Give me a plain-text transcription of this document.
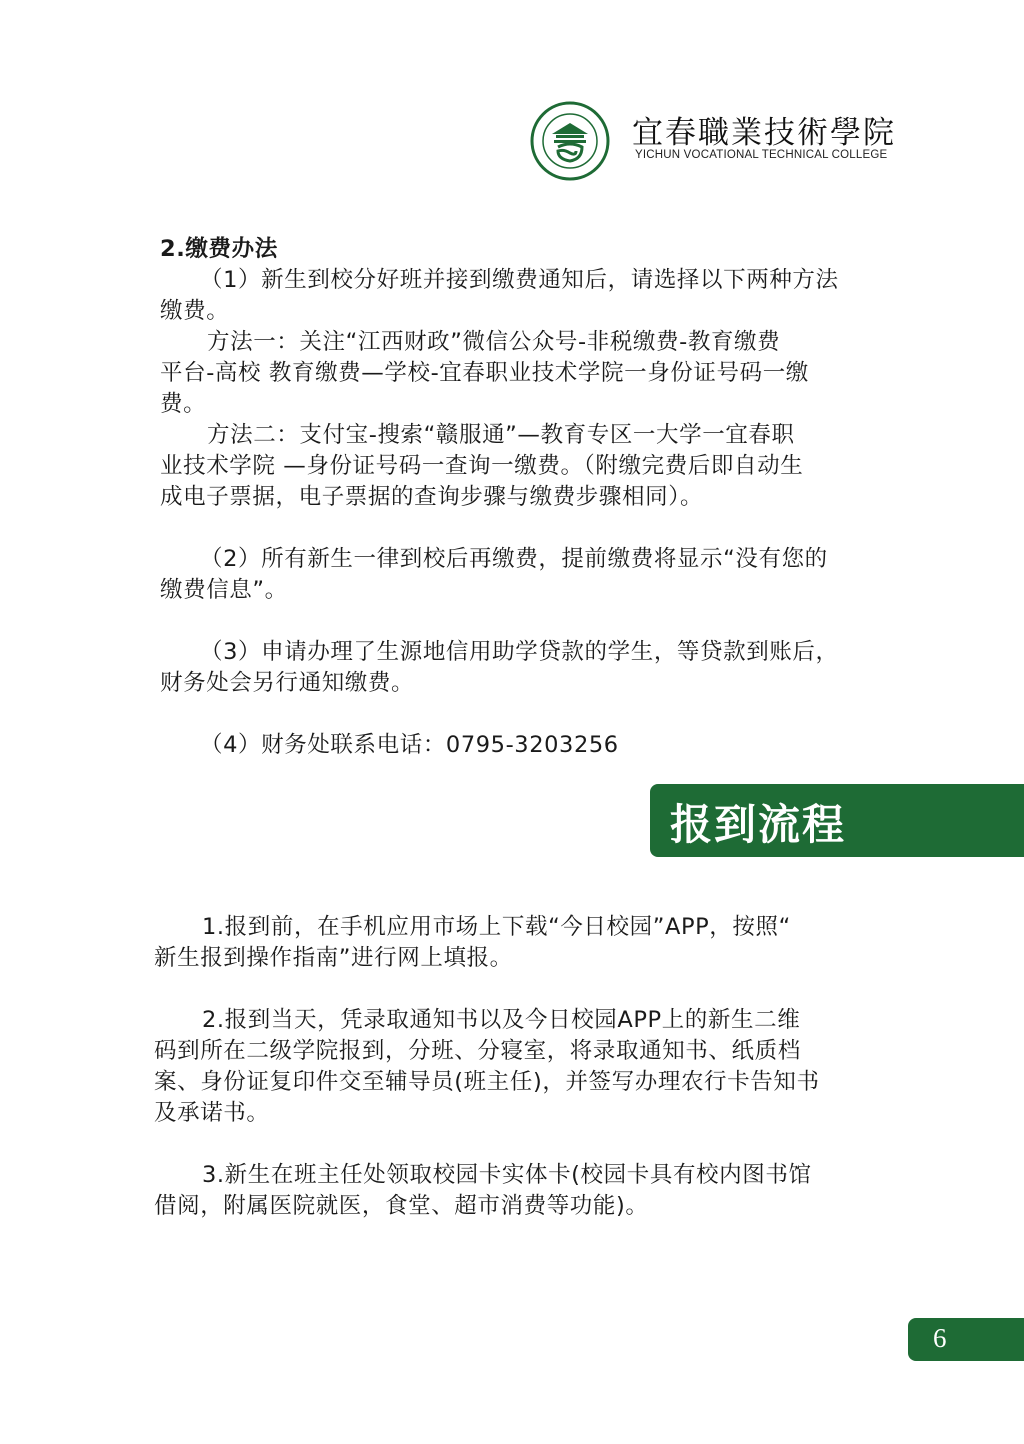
宜春職業技術學院
YICHUN VOCATIONAL TECHNICAL COLLEGE

2.缴费办法

（1）新生到校分好班并接到缴费通知后，请选择以下两种方法

缴费。

方法一：关注“江西财政”微信公众号-非税缴费-教育缴费

平台-高校 教育缴费—学校-宜春职业技术学院一身份证号码一缴

费。

方法二：支付宝-搜索“赣服通”—教育专区一大学一宜春职

业技术学院 —身份证号码一查询一缴费。（附缴完费后即自动生

成电子票据，电子票据的查询步骤与缴费步骤相同）。

（2）所有新生一律到校后再缴费，提前缴费将显示“没有您的

缴费信息”。

（3）申请办理了生源地信用助学贷款的学生，等贷款到账后，

财务处会另行通知缴费。

（4）财务处联系电话：0795-3203256

报到流程

1.报到前，在手机应用市场上下载“今日校园”APP，按照“

新生报到操作指南”进行网上填报。

2.报到当天，凭录取通知书以及今日校园APP上的新生二维

码到所在二级学院报到，分班、分寝室，将录取通知书、纸质档

案、身份证复印件交至辅导员(班主任)，并签写办理农行卡告知书

及承诺书。

3.新生在班主任处领取校园卡实体卡(校园卡具有校内图书馆

借阅，附属医院就医，食堂、超市消费等功能)。

6
